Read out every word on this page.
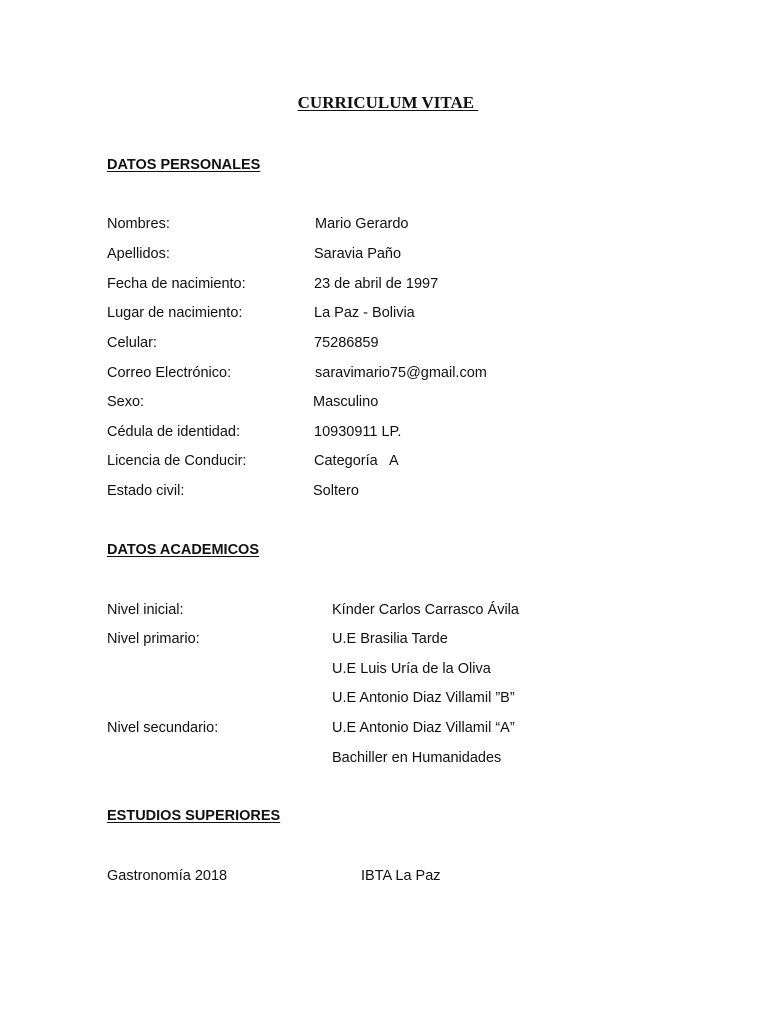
CURRICULUM VITAE
DATOS PERSONALES
Nombres:	Mario Gerardo
Apellidos:	Saravia Paño
Fecha de nacimiento:	23 de abril de 1997
Lugar de nacimiento:	La Paz - Bolivia
Celular:	75286859
Correo Electrónico:	saravimario75@gmail.com
Sexo:	Masculino
Cédula de identidad:	10930911 LP.
Licencia de Conducir:	Categoría   A
Estado civil:	Soltero
DATOS ACADEMICOS
Nivel inicial:	Kínder Carlos Carrasco Ávila
Nivel primario:	U.E Brasilia Tarde
U.E Luis Uría de la Oliva
U.E Antonio Diaz Villamil ”B”
Nivel secundario:	U.E Antonio Diaz Villamil “A”
Bachiller en Humanidades
ESTUDIOS SUPERIORES
Gastronomía 2018	IBTA La Paz
